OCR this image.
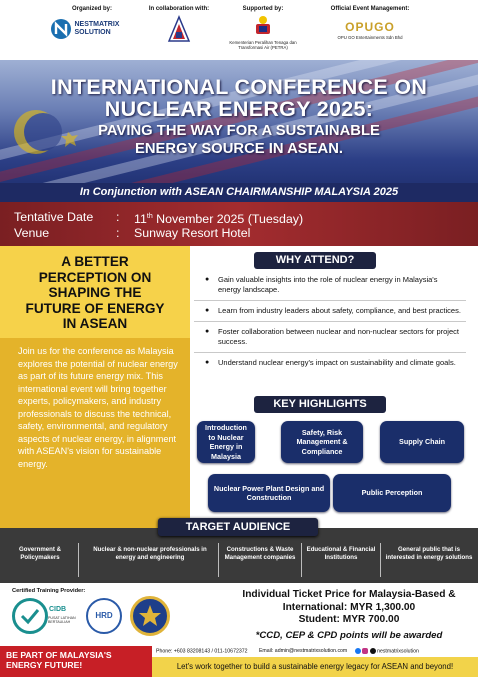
Organized by:
NESTMATRIX SOLUTION
In collaboration with:	Supported by:
Kementerian Peralihan Tenaga dan Transformasi Air (PETRA)
Official Event Management:
OPUGO
OPU GO Entertainments Sdn Bhd
INTERNATIONAL CONFERENCE ON
NUCLEAR ENERGY 2025:
PAVING THE WAY FOR A SUSTAINABLE
ENERGY SOURCE IN ASEAN.
In Conjunction with ASEAN CHAIRMANSHIP MALAYSIA 2025
Tentative Date	: 11th November 2025 (Tuesday)
Venue	: Sunway Resort Hotel
A BETTER
PERCEPTION ON
SHAPING THE
FUTURE OF ENERGY
IN ASEAN
Join us for the conference as Malaysia explores the potential of nuclear energy as part of its future energy mix. This international event will bring together experts, policymakers, and industry professionals to discuss the technical, safety, environmental, and regulatory aspects of nuclear energy, in alignment with ASEAN's vision for sustainable energy.
WHY ATTEND?
● Gain valuable insights into the role of nuclear energy in Malaysia's energy landscape.
● Learn from industry leaders about safety, compliance, and best practices.
● Foster collaboration between nuclear and non-nuclear sectors for project success.
● Understand nuclear energy's impact on sustainability and climate goals.
KEY HIGHLIGHTS
Introduction to Nuclear Energy in Malaysia
Safety, Risk Management & Compliance
Supply Chain
Nuclear Power Plant Design and Construction
Public Perception
TARGET AUDIENCE
Government & Policymakers
Nuclear & non-nuclear professionals in energy and engineering
Constructions & Waste Management companies
Educational & Financial Institutions
General public that is interested in energy solutions
Certified Training Provider:
CIDB
PUSAT LATIHAN BERTAULIAH
HRD
Individual Ticket Price for Malaysia-Based &
International: MYR 1,300.00
Student: MYR 700.00
*CCD, CEP & CPD points will be awarded
BE PART OF MALAYSIA'S
ENERGY FUTURE!
Phone: +603 83208143 / 011-10672372 Email: admin@nestmatrixsolution.com	nestmatrixsolution
Let's work together to build a sustainable energy legacy for ASEAN and beyond!
